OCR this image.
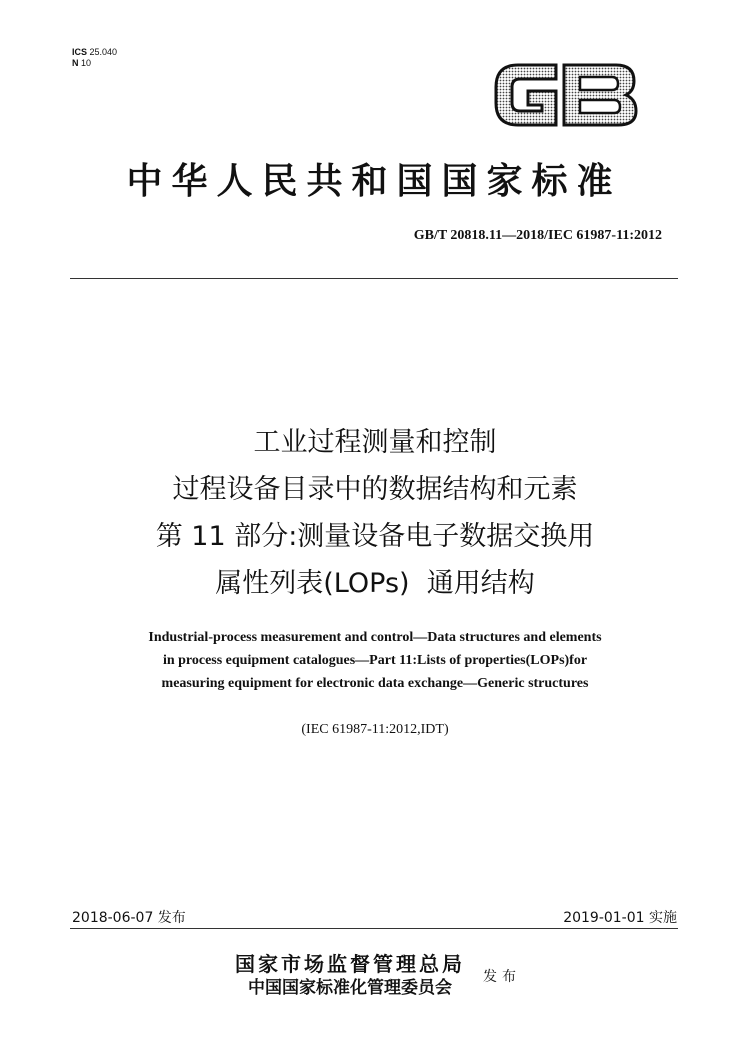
ICS 25.040
N 10
中华人民共和国国家标准
GB/T 20818.11—2018/IEC 61987-11:2012
工业过程测量和控制
过程设备目录中的数据结构和元素
第 11 部分:测量设备电子数据交换用
属性列表(LOPs)  通用结构
Industrial-process measurement and control—Data structures and elements
in process equipment catalogues—Part 11:Lists of properties(LOPs)for
measuring equipment for electronic data exchange—Generic structures
(IEC 61987-11:2012,IDT)
2018-06-07 发布	2019-01-01 实施
国家市场监督管理总局
中国国家标准化管理委员会
发布
